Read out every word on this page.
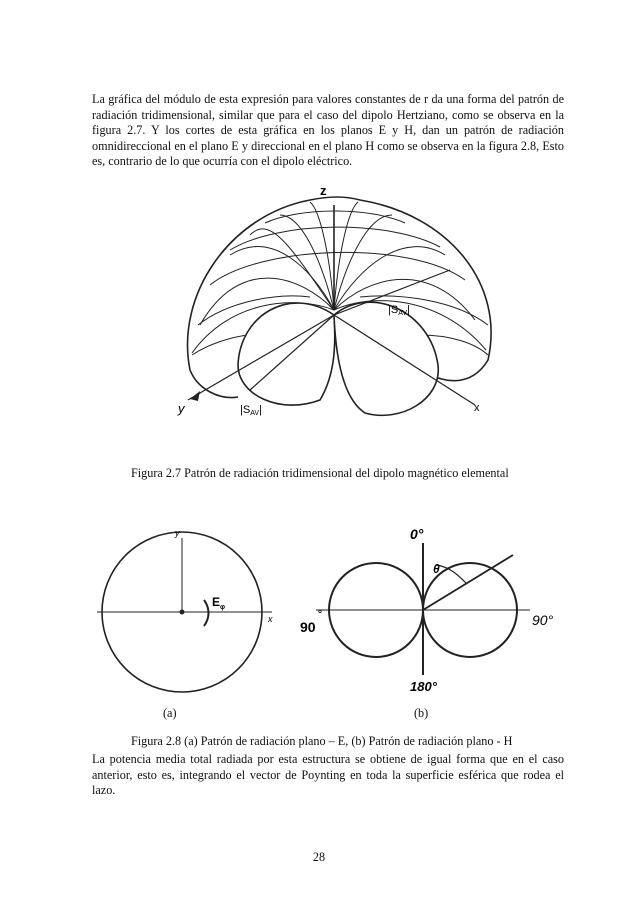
La gráfica del módulo de esta expresión para valores constantes de r da una forma del patrón de radiación tridimensional, similar que para el caso del dipolo Hertziano, como se observa en la figura 2.7. Y los cortes de esta gráfica en los planos E y H, dan un patrón de radiación omnidireccional en el plano E y direccional en el plano H como se observa en la figura 2.8, Esto es, contrario de lo que ocurría con el dipolo eléctrico.
z
y	x
|SAV|
|SAV|
Figura 2.7 Patrón de radiación tridimensional del dipolo magnético elemental
y
x
$E_\varphi$
0°
θ
90
°	90°
180°
(a)	(b)
Figura 2.8 (a) Patrón de radiación plano – E, (b) Patrón de radiación plano - H
La potencia media total radiada por esta estructura se obtiene de igual forma que en el caso anterior, esto es, integrando el vector de Poynting en toda la superficie esférica que rodea el lazo.
28
